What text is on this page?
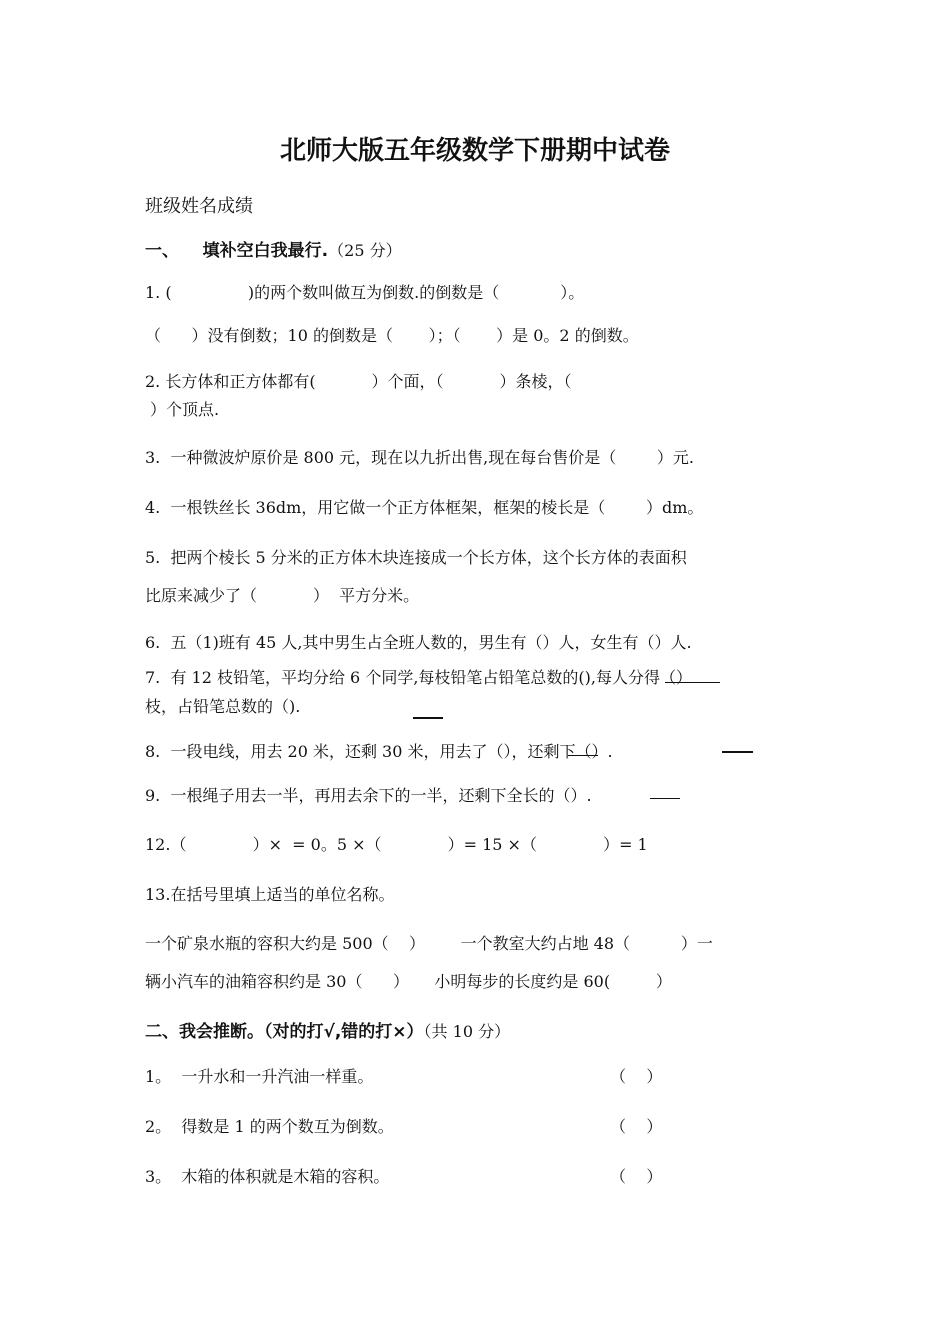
北师大版五年级数学下册期中试卷
班级姓名成绩
一、    填补空白我最行.（25 分）
1. (               )的两个数叫做互为倒数.的倒数是（            ）。
（      ）没有倒数；10 的倒数是（       ）；（       ）是 0。2 的倒数。
2. 长方体和正方体都有(           ）个面，（           ）条棱，（
）个顶点.
3.  一种微波炉原价是 800 元，现在以九折出售,现在每台售价是（        ）元.
4.  一根铁丝长 36dm，用它做一个正方体框架，框架的棱长是（        ）dm。
5.  把两个棱长 5 分米的正方体木块连接成一个长方体，这个长方体的表面积
比原来减少了（           ）  平方分米。
6.  五（1)班有 45 人,其中男生占全班人数的，男生有（）人，女生有（）人.
7.  有 12 枝铅笔，平均分给 6 个同学,每枝铅笔占铅笔总数的(),每人分得（）
枝，占铅笔总数的（).
8.  一段电线，用去 20 米，还剩 30 米，用去了（），还剩下（）.
9.  一根绳子用去一半，再用去余下的一半，还剩下全长的（）.
12.（             ）×  = 0。5 ×（             ）= 15 ×（             ）= 1
13.在括号里填上适当的单位名称。
一个矿泉水瓶的容积大约是 500（    ）       一个教室大约占地 48（          ）一
辆小汽车的油箱容积约是 30（      ）     小明每步的长度约是 60(         ）
二、我会推断。（对的打√,错的打×）（共 10 分）
1。 一升水和一升汽油一样重。	（    ）
2。 得数是 1 的两个数互为倒数。	（    ）
3。 木箱的体积就是木箱的容积。	（    ）
